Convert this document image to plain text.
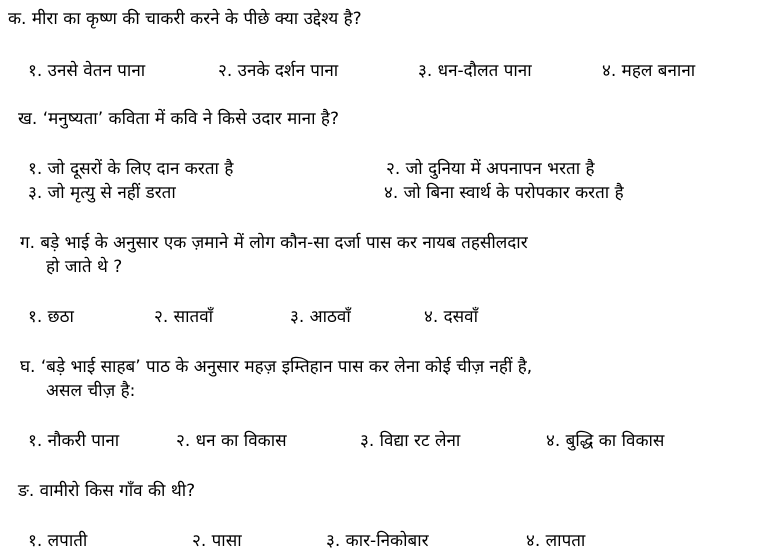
क. मीरा का कृष्ण की चाकरी करने के पीछे क्या उद्देश्य है?
१. उनसे वेतन पाना	२. उनके दर्शन पाना	३. धन-दौलत पाना	४. महल बनाना
ख. ‘मनुष्यता’ कविता में कवि ने किसे उदार माना है?
१. जो दूसरों के लिए दान करता है	२. जो दुनिया में अपनापन भरता है
३. जो मृत्यु से नहीं डरता	४. जो बिना स्वार्थ के परोपकार करता है
ग. बड़े भाई के अनुसार एक ज़माने में लोग कौन-सा दर्जा पास कर नायब तहसीलदार
हो जाते थे ?
१. छठा	२. सातवाँ	३. आठवाँ	४. दसवाँ
घ. ‘बड़े भाई साहब’ पाठ के अनुसार महज़ इम्तिहान पास कर लेना कोई चीज़ नहीं है,
असल चीज़ है:
१. नौकरी पाना	२. धन का विकास	३. विद्या रट लेना	४. बुद्धि का विकास
ङ. वामीरो किस गाँव की थी?
१. लपाती	२. पासा	३. कार-निकोबार	४. लापता
